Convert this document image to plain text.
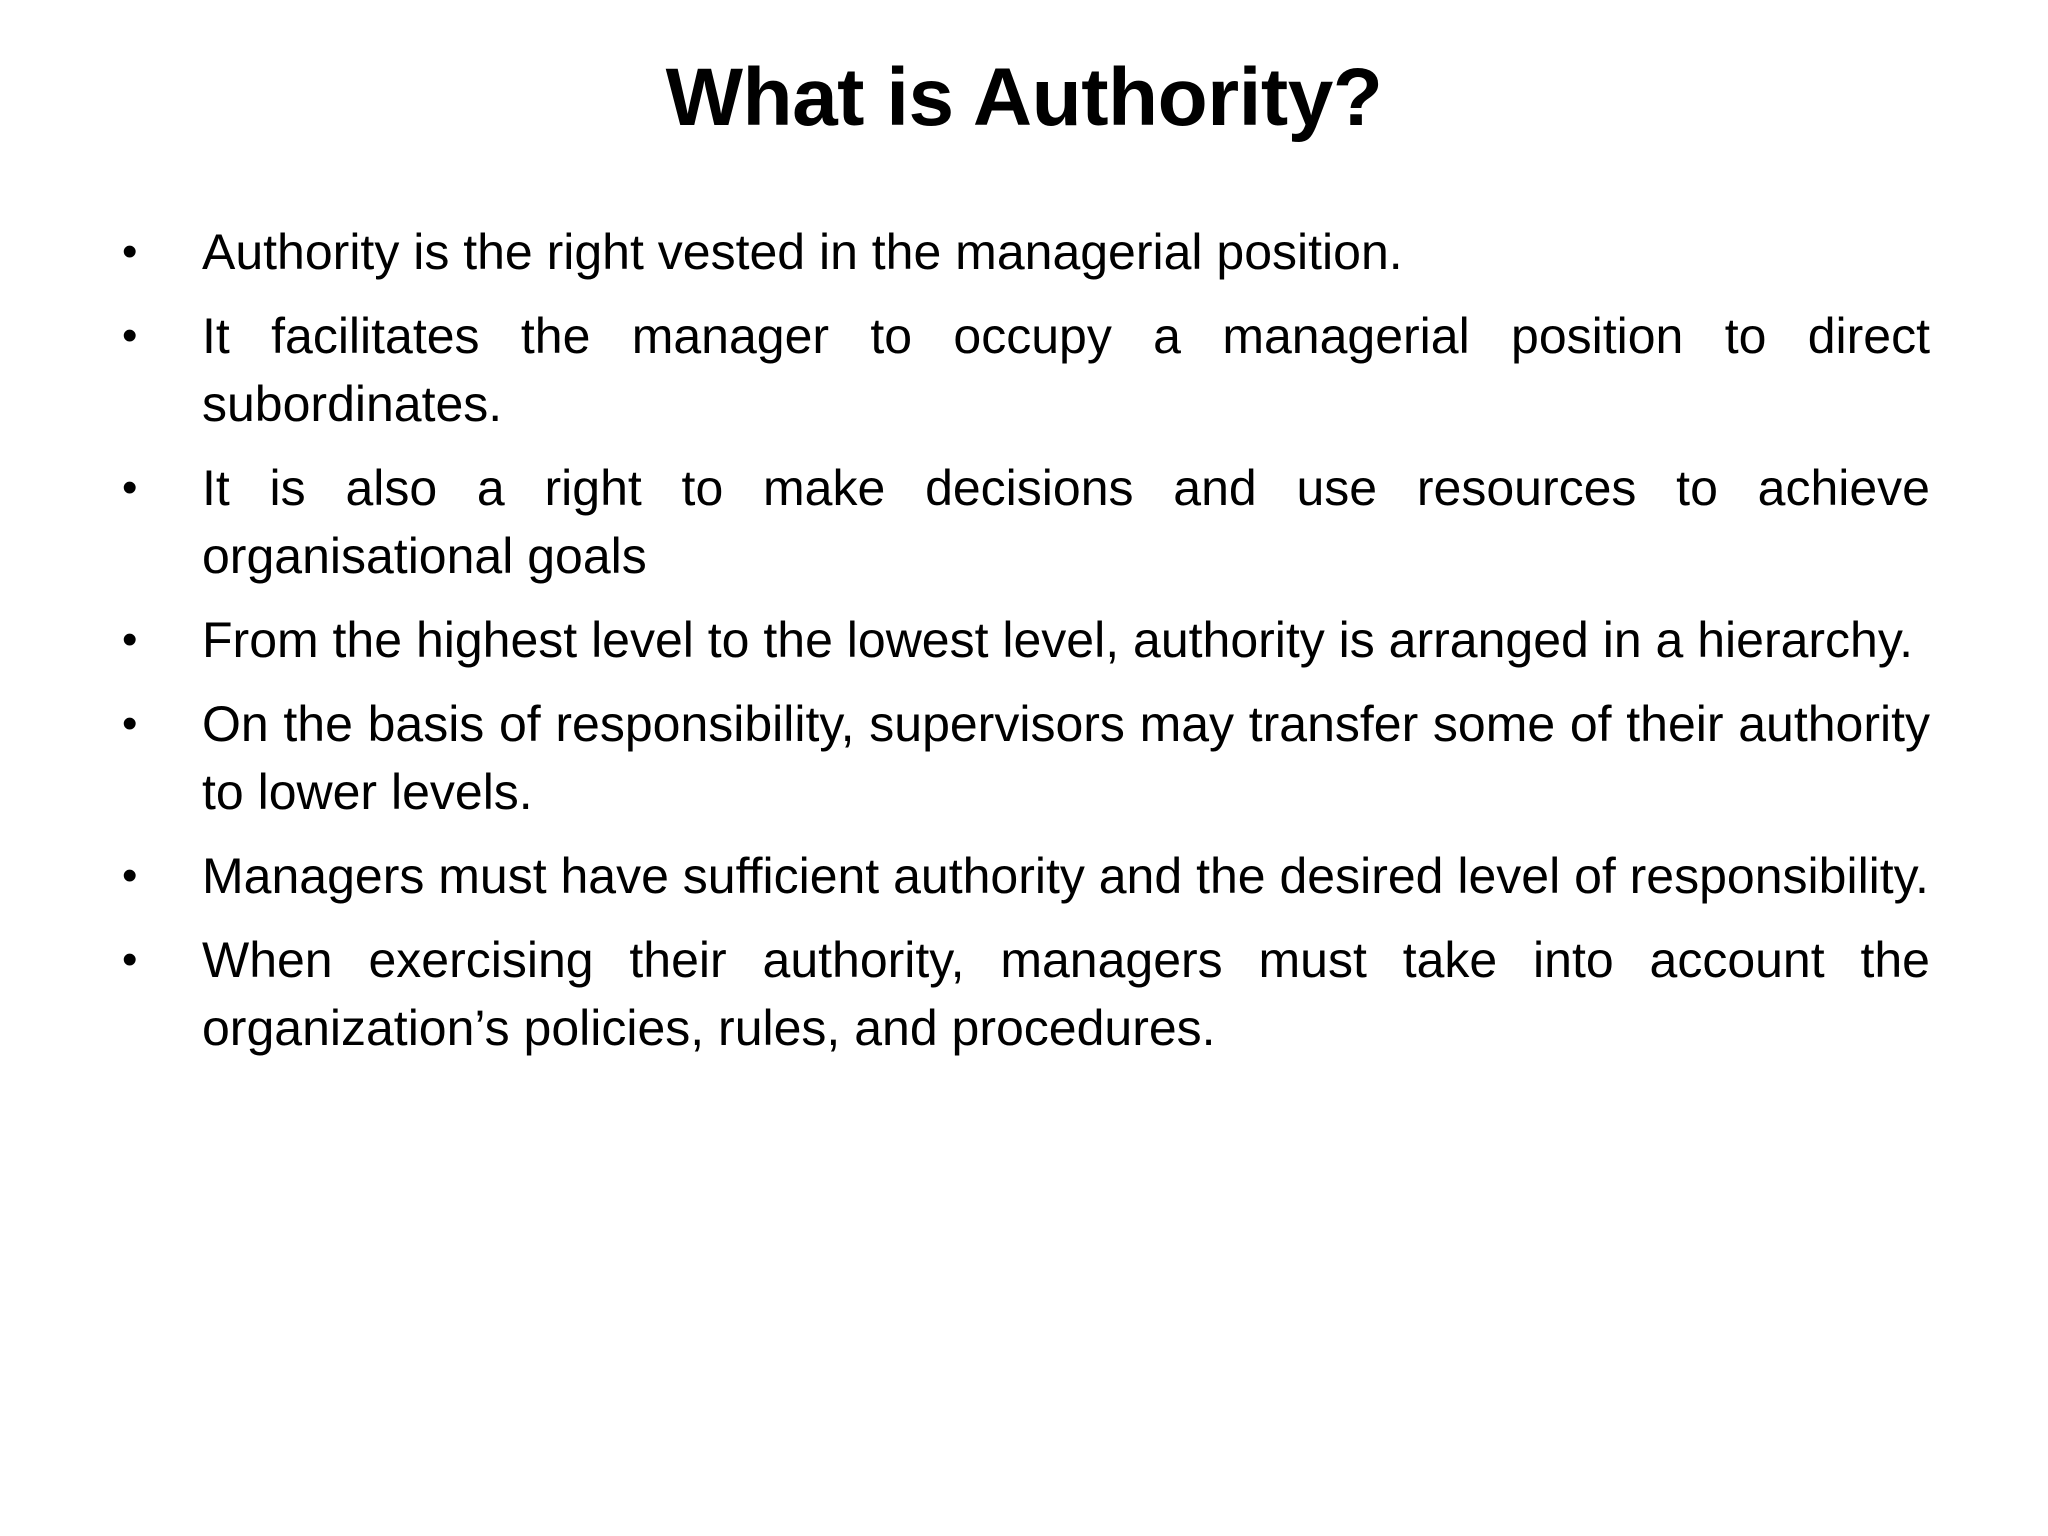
What is Authority?
•	Authority is the right vested in the managerial position.
•	It facilitates the manager to occupy a managerial position to direct subordinates.
•	It is also a right to make decisions and use resources to achieve organisational goals
•	From the highest level to the lowest level, authority is arranged in a hierarchy.
•	On the basis of responsibility, supervisors may transfer some of their authority to lower levels.
•	Managers must have sufficient authority and the desired level of responsibility.
•	When exercising their authority, managers must take into account the organization’s policies, rules, and procedures.
